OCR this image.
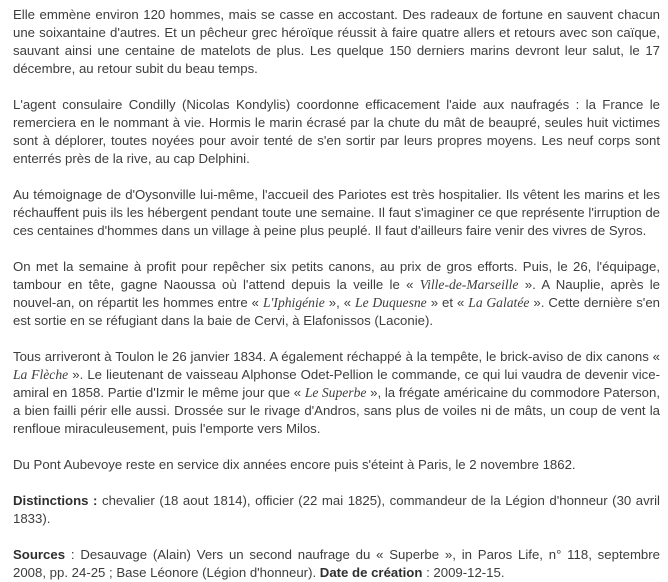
Elle emmène environ 120 hommes, mais se casse en accostant. Des radeaux de fortune en sauvent chacun une soixantaine d'autres. Et un pêcheur grec héroïque réussit à faire quatre allers et retours avec son caïque, sauvant ainsi une centaine de matelots de plus. Les quelque 150 derniers marins devront leur salut, le 17 décembre, au retour subit du beau temps.

L'agent consulaire Condilly (Nicolas Kondylis) coordonne efficacement l'aide aux naufragés : la France le remerciera en le nommant à vie. Hormis le marin écrasé par la chute du mât de beaupré, seules huit victimes sont à déplorer, toutes noyées pour avoir tenté de s'en sortir par leurs propres moyens. Les neuf corps sont enterrés près de la rive, au cap Delphini.

Au témoignage de d'Oysonville lui-même, l'accueil des Pariotes est très hospitalier. Ils vêtent les marins et les réchauffent puis ils les hébergent pendant toute une semaine. Il faut s'imaginer ce que représente l'irruption de ces centaines d'hommes dans un village à peine plus peuplé. Il faut d'ailleurs faire venir des vivres de Syros.

On met la semaine à profit pour repêcher six petits canons, au prix de gros efforts. Puis, le 26, l'équipage, tambour en tête, gagne Naoussa où l'attend depuis la veille le « Ville-de-Marseille ». A Nauplie, après le nouvel-an, on répartit les hommes entre « L'Iphigénie », « Le Duquesne » et « La Galatée ». Cette dernière s'en est sortie en se réfugiant dans la baie de Cervi, à Elafonissos (Laconie).

Tous arriveront à Toulon le 26 janvier 1834. A également réchappé à la tempête, le brick-aviso de dix canons « La Flèche ». Le lieutenant de vaisseau Alphonse Odet-Pellion le commande, ce qui lui vaudra de devenir vice-amiral en 1858. Partie d'Izmir le même jour que « Le Superbe », la frégate américaine du commodore Paterson, a bien failli périr elle aussi. Drossée sur le rivage d'Andros, sans plus de voiles ni de mâts, un coup de vent la renfloue miraculeusement, puis l'emporte vers Milos.

Du Pont Aubevoye reste en service dix années encore puis s'éteint à Paris, le 2 novembre 1862.

Distinctions : chevalier (18 aout 1814), officier (22 mai 1825), commandeur de la Légion d'honneur (30 avril 1833).

Sources : Desauvage (Alain) Vers un second naufrage du « Superbe », in Paros Life, n° 118, septembre 2008, pp. 24-25 ; Base Léonore (Légion d'honneur). Date de création : 2009-12-15.
